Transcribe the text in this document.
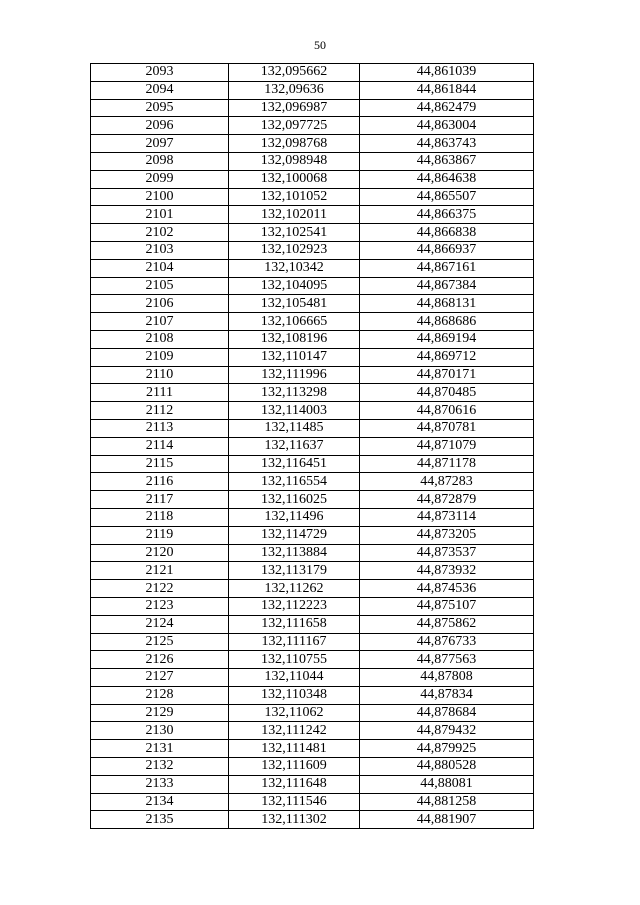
50
2093	132,095662	44,861039
2094	132,09636	44,861844
2095	132,096987	44,862479
2096	132,097725	44,863004
2097	132,098768	44,863743
2098	132,098948	44,863867
2099	132,100068	44,864638
2100	132,101052	44,865507
2101	132,102011	44,866375
2102	132,102541	44,866838
2103	132,102923	44,866937
2104	132,10342	44,867161
2105	132,104095	44,867384
2106	132,105481	44,868131
2107	132,106665	44,868686
2108	132,108196	44,869194
2109	132,110147	44,869712
2110	132,111996	44,870171
2111	132,113298	44,870485
2112	132,114003	44,870616
2113	132,11485	44,870781
2114	132,11637	44,871079
2115	132,116451	44,871178
2116	132,116554	44,87283
2117	132,116025	44,872879
2118	132,11496	44,873114
2119	132,114729	44,873205
2120	132,113884	44,873537
2121	132,113179	44,873932
2122	132,11262	44,874536
2123	132,112223	44,875107
2124	132,111658	44,875862
2125	132,111167	44,876733
2126	132,110755	44,877563
2127	132,11044	44,87808
2128	132,110348	44,87834
2129	132,11062	44,878684
2130	132,111242	44,879432
2131	132,111481	44,879925
2132	132,111609	44,880528
2133	132,111648	44,88081
2134	132,111546	44,881258
2135	132,111302	44,881907
